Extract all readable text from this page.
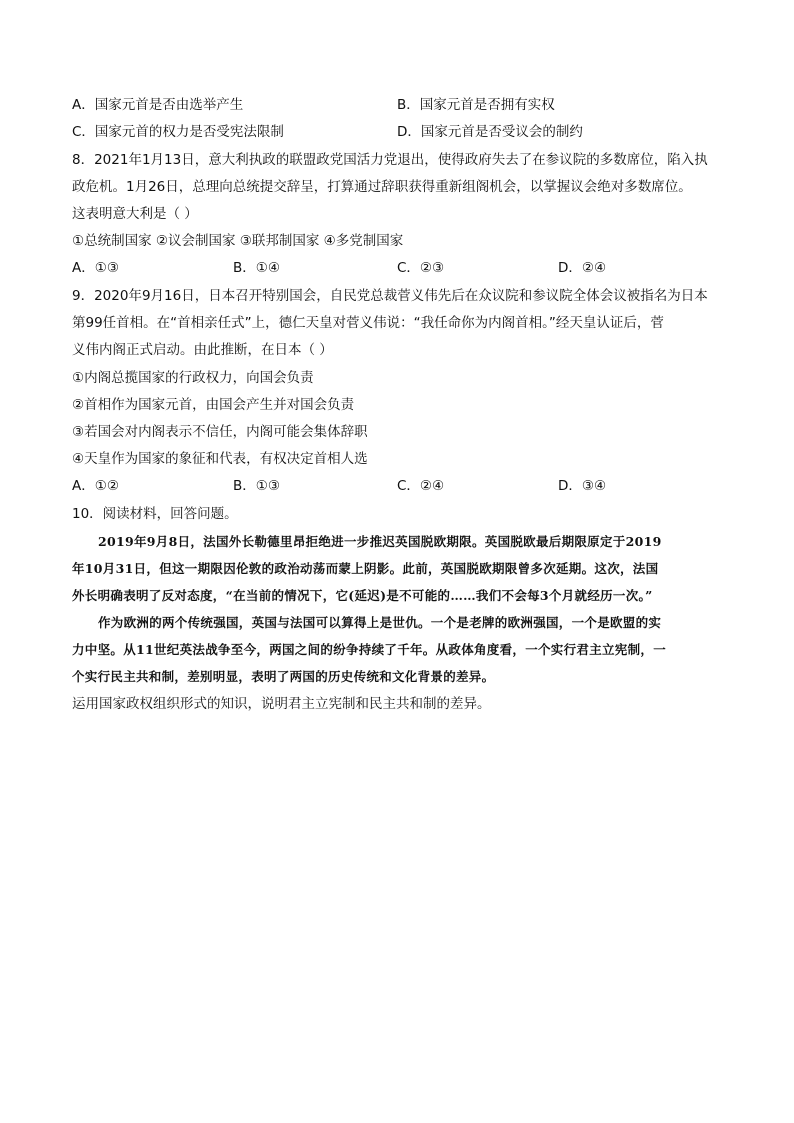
A．国家元首是否由选举产生	B．国家元首是否拥有实权
C．国家元首的权力是否受宪法限制	D．国家元首是否受议会的制约
8．2021年1月13日，意大利执政的联盟政党国活力党退出，使得政府失去了在参议院的多数席位，陷入执
政危机。1月26日，总理向总统提交辞呈，打算通过辞职获得重新组阁机会，以掌握议会绝对多数席位。
这表明意大利是（ ）
①总统制国家 ②议会制国家 ③联邦制国家 ④多党制国家
A．①③	B．①④	C．②③	D．②④
9．2020年9月16日，日本召开特别国会，自民党总裁菅义伟先后在众议院和参议院全体会议被指名为日本
第99任首相。在“首相亲任式”上，德仁天皇对菅义伟说：“我任命你为内阁首相。”经天皇认证后，菅
义伟内阁正式启动。由此推断，在日本（ ）
①内阁总揽国家的行政权力，向国会负责
②首相作为国家元首，由国会产生并对国会负责
③若国会对内阁表示不信任，内阁可能会集体辞职
④天皇作为国家的象征和代表，有权决定首相人选
A．①②	B．①③	C．②④	D．③④
10．阅读材料，回答问题。
2019年9月8日，法国外长勒德里昂拒绝进一步推迟英国脱欧期限。英国脱欧最后期限原定于2019
年10月31日，但这一期限因伦敦的政治动荡而蒙上阴影。此前，英国脱欧期限曾多次延期。这次，法国
外长明确表明了反对态度，“在当前的情况下，它(延迟)是不可能的……我们不会每3个月就经历一次。”
作为欧洲的两个传统强国，英国与法国可以算得上是世仇。一个是老牌的欧洲强国，一个是欧盟的实
力中坚。从11世纪英法战争至今，两国之间的纷争持续了千年。从政体角度看，一个实行君主立宪制，一
个实行民主共和制，差别明显，表明了两国的历史传统和文化背景的差异。
运用国家政权组织形式的知识，说明君主立宪制和民主共和制的差异。
